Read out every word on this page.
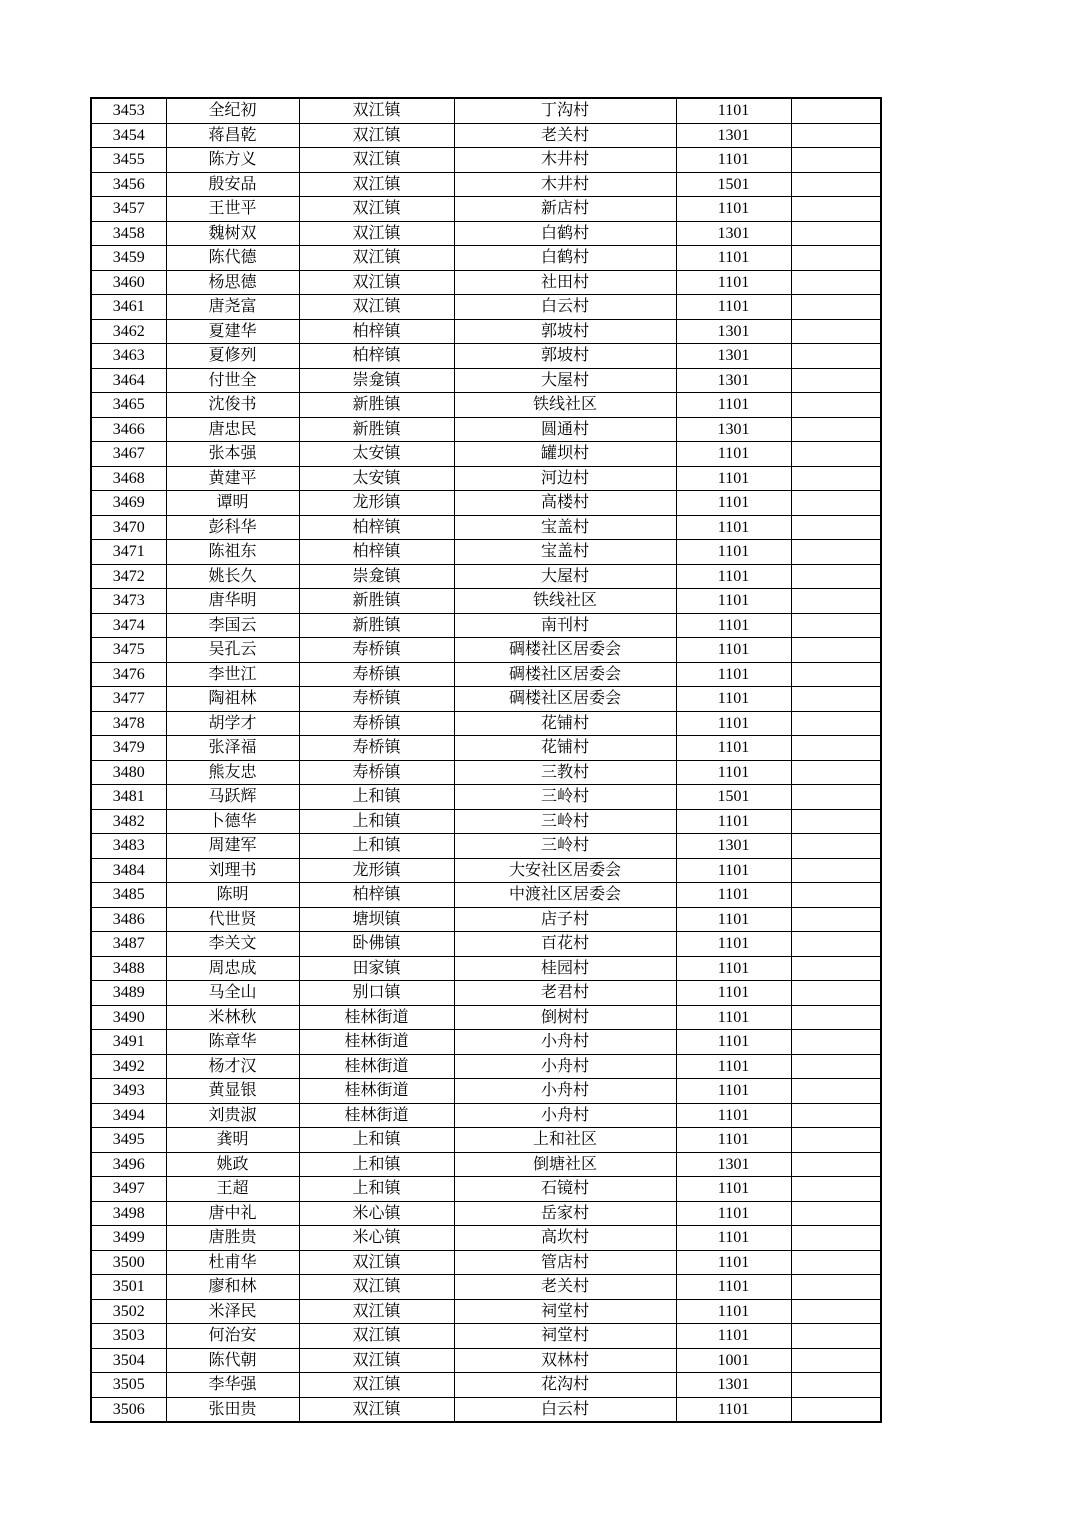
3453	全纪初	双江镇	丁沟村	1101	
3454	蒋昌乾	双江镇	老关村	1301	
3455	陈方义	双江镇	木井村	1101	
3456	殷安品	双江镇	木井村	1501	
3457	王世平	双江镇	新店村	1101	
3458	魏树双	双江镇	白鹤村	1301	
3459	陈代德	双江镇	白鹤村	1101	
3460	杨思德	双江镇	社田村	1101	
3461	唐尧富	双江镇	白云村	1101	
3462	夏建华	柏梓镇	郭坡村	1301	
3463	夏修列	柏梓镇	郭坡村	1301	
3464	付世全	崇龛镇	大屋村	1301	
3465	沈俊书	新胜镇	铁线社区	1101	
3466	唐忠民	新胜镇	圆通村	1301	
3467	张本强	太安镇	罐坝村	1101	
3468	黄建平	太安镇	河边村	1101	
3469	谭明	龙形镇	高楼村	1101	
3470	彭科华	柏梓镇	宝盖村	1101	
3471	陈祖东	柏梓镇	宝盖村	1101	
3472	姚长久	崇龛镇	大屋村	1101	
3473	唐华明	新胜镇	铁线社区	1101	
3474	李国云	新胜镇	南刊村	1101	
3475	吴孔云	寿桥镇	碉楼社区居委会	1101	
3476	李世江	寿桥镇	碉楼社区居委会	1101	
3477	陶祖林	寿桥镇	碉楼社区居委会	1101	
3478	胡学才	寿桥镇	花铺村	1101	
3479	张泽福	寿桥镇	花铺村	1101	
3480	熊友忠	寿桥镇	三教村	1101	
3481	马跃辉	上和镇	三岭村	1501	
3482	卜德华	上和镇	三岭村	1101	
3483	周建军	上和镇	三岭村	1301	
3484	刘理书	龙形镇	大安社区居委会	1101	
3485	陈明	柏梓镇	中渡社区居委会	1101	
3486	代世贤	塘坝镇	店子村	1101	
3487	李关文	卧佛镇	百花村	1101	
3488	周忠成	田家镇	桂园村	1101	
3489	马全山	别口镇	老君村	1101	
3490	米林秋	桂林街道	倒树村	1101	
3491	陈章华	桂林街道	小舟村	1101	
3492	杨才汉	桂林街道	小舟村	1101	
3493	黄显银	桂林街道	小舟村	1101	
3494	刘贵淑	桂林街道	小舟村	1101	
3495	龚明	上和镇	上和社区	1101	
3496	姚政	上和镇	倒塘社区	1301	
3497	王超	上和镇	石镜村	1101	
3498	唐中礼	米心镇	岳家村	1101	
3499	唐胜贵	米心镇	高坎村	1101	
3500	杜甫华	双江镇	管店村	1101	
3501	廖和林	双江镇	老关村	1101	
3502	米泽民	双江镇	祠堂村	1101	
3503	何治安	双江镇	祠堂村	1101	
3504	陈代朝	双江镇	双林村	1001	
3505	李华强	双江镇	花沟村	1301	
3506	张田贵	双江镇	白云村	1101	
